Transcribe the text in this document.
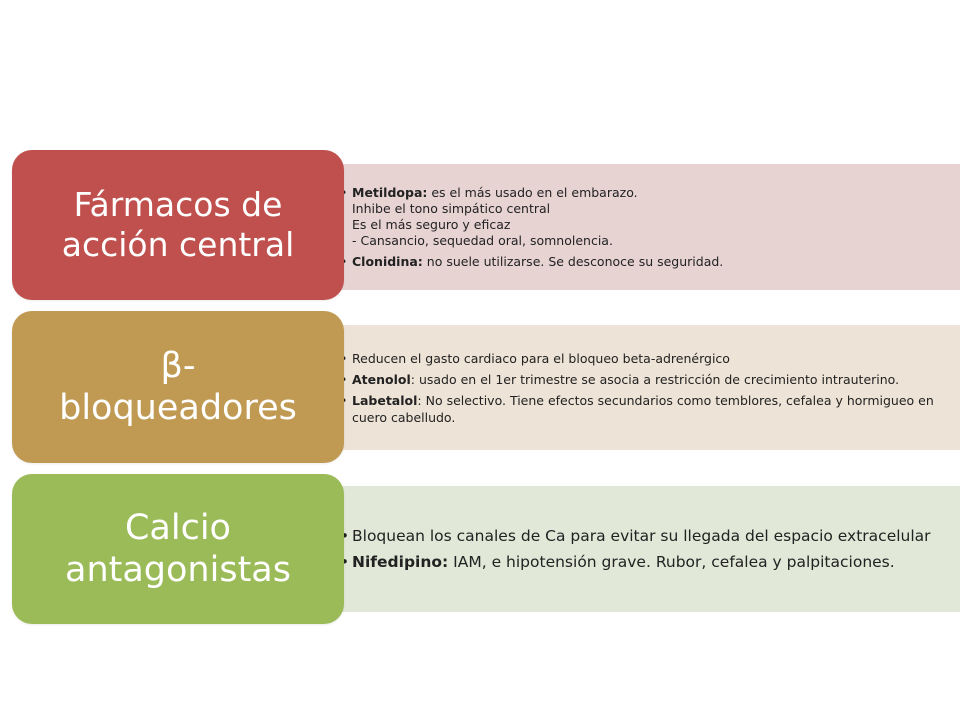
• Metildopa: es el más usado en el embarazo.
Inhibe el tono simpático central
Es el más seguro y eficaz
- Cansancio, sequedad oral, somnolencia.
• Clonidina: no suele utilizarse. Se desconoce su seguridad.
Fármacos de
acción central
• Reducen el gasto cardiaco para el bloqueo beta-adrenérgico
• Atenolol: usado en el 1er trimestre se asocia a restricción de crecimiento intrauterino.
• Labetalol: No selectivo. Tiene efectos secundarios como temblores, cefalea y hormigueo en cuero cabelludo.
β-
bloqueadores
• Bloquean los canales de Ca para evitar su llegada del espacio extracelular
• Nifedipino: IAM, e hipotensión grave. Rubor, cefalea y palpitaciones.
Calcio
antagonistas
